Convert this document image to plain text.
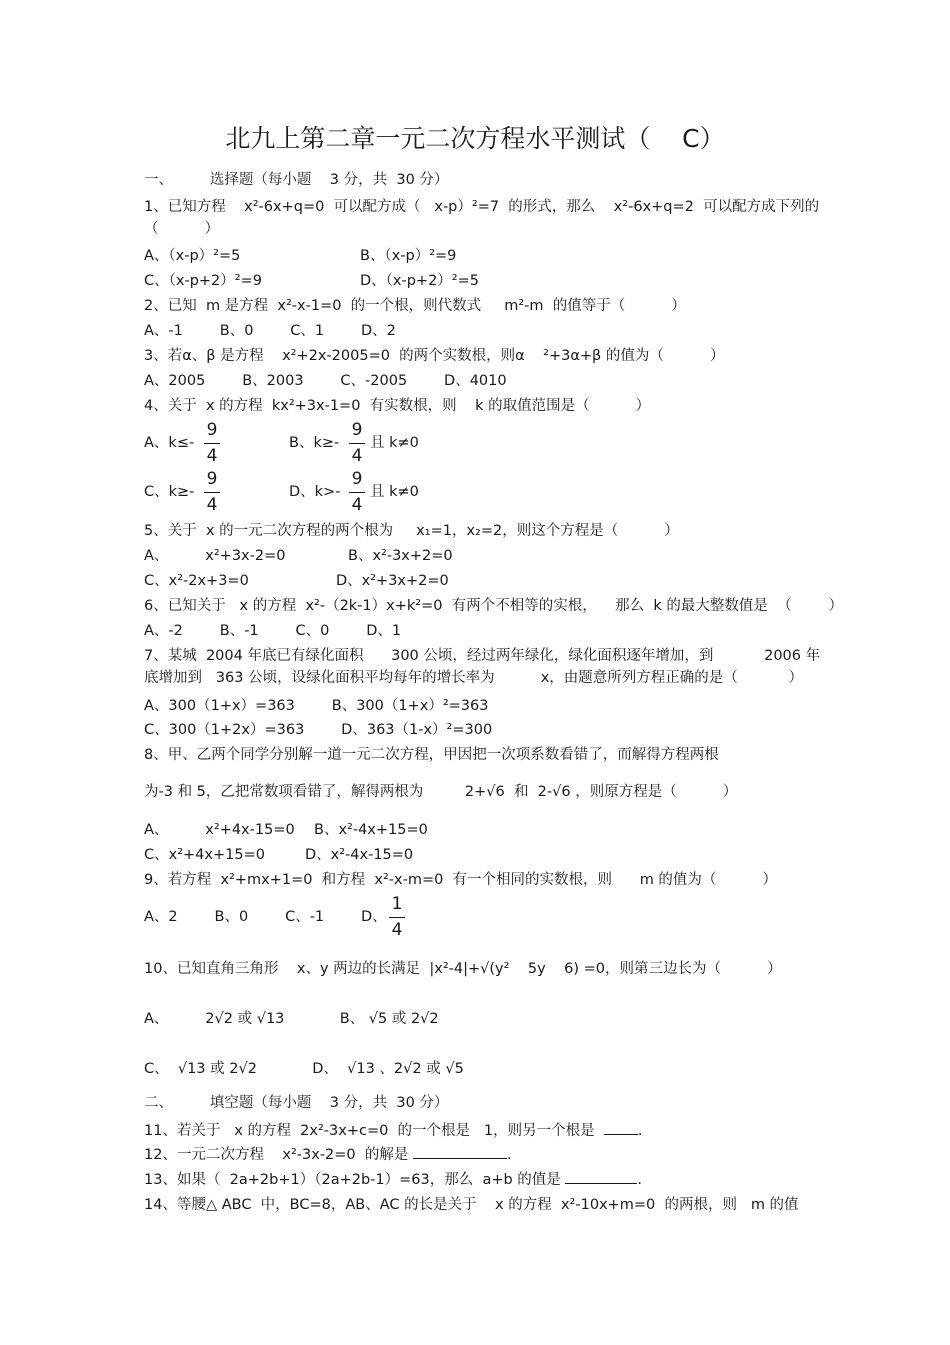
北九上第二章一元二次方程水平测试（    C）
一、        选择题（每小题    3 分，共  30 分）
1、已知方程    x²-6x+q=0  可以配方成（   x-p）²=7  的形式，那么    x²-6x+q=2  可以配方成下列的
（          ）
A、（x-p）²=5	B、（x-p）²=9
C、（x-p+2）²=9	D、（x-p+2）²=5
2、已知  m 是方程  x²-x-1=0  的一个根，则代数式     m²-m  的值等于（          ）
A、-1        B、0        C、1        D、2
3、若α、β 是方程    x²+2x-2005=0  的两个实数根，则α    ²+3α+β 的值为（          ）
A、2005        B、2003        C、-2005        D、4010
4、关于  x 的方程  kx²+3x-1=0  有实数根，则    k 的取值范围是（          ）
A、k≤-
9
4
B、k≥-
9
4
且 k≠0
C、k≥-
9
4
D、k>-
9
4
且 k≠0
5、关于  x 的一元二次方程的两个根为     x₁=1，x₂=2，则这个方程是（          ）
A、        x²+3x-2=0	B、x²-3x+2=0
C、x²-2x+3=0	D、x²+3x+2=0
6、已知关于   x 的方程  x²-（2k-1）x+k²=0  有两个不相等的实根，    那么  k 的最大整数值是  （        ）
A、-2        B、-1        C、0        D、1
7、某城  2004 年底已有绿化面积      300 公顷，经过两年绿化，绿化面积逐年增加，到           2006 年
底增加到   363 公顷，设绿化面积平均每年的增长率为          x，由题意所列方程正确的是（           ）
A、300（1+x）=363        B、300（1+x）²=363
C、300（1+2x）=363        D、363（1-x）²=300
8、甲、乙两个同学分别解一道一元二次方程，甲因把一次项系数看错了，而解得方程两根
为-3 和 5，乙把常数项看错了，解得两根为         2+√6  和  2-√6 ，则原方程是（          ）
A、        x²+4x-15=0 B、x²-4x+15=0
C、x²+4x+15=0	D、x²-4x-15=0
9、若方程  x²+mx+1=0  和方程  x²-x-m=0  有一个相同的实数根，则      m 的值为（          ）
A、2        B、0        C、-1        D、
1
4
10、已知直角三角形    x、y 两边的长满足  |x²-4|+√(y²    5y    6) =0，则第三边长为（          ）
A、        2√2 或 √13            B、 √5 或 2√2
C、  √13 或 2√2            D、  √13 、2√2 或 √5
二、        填空题（每小题    3 分，共  30 分）
11、若关于   x 的方程  2x²-3x+c=0  的一个根是   1，则另一个根是	.
12、一元二次方程    x²-3x-2=0  的解是	.
13、如果（  2a+2b+1）（2a+2b-1）=63，那么  a+b 的值是	.
14、等腰△ ABC  中，BC=8，AB、AC 的长是关于    x 的方程  x²-10x+m=0  的两根，则   m 的值
